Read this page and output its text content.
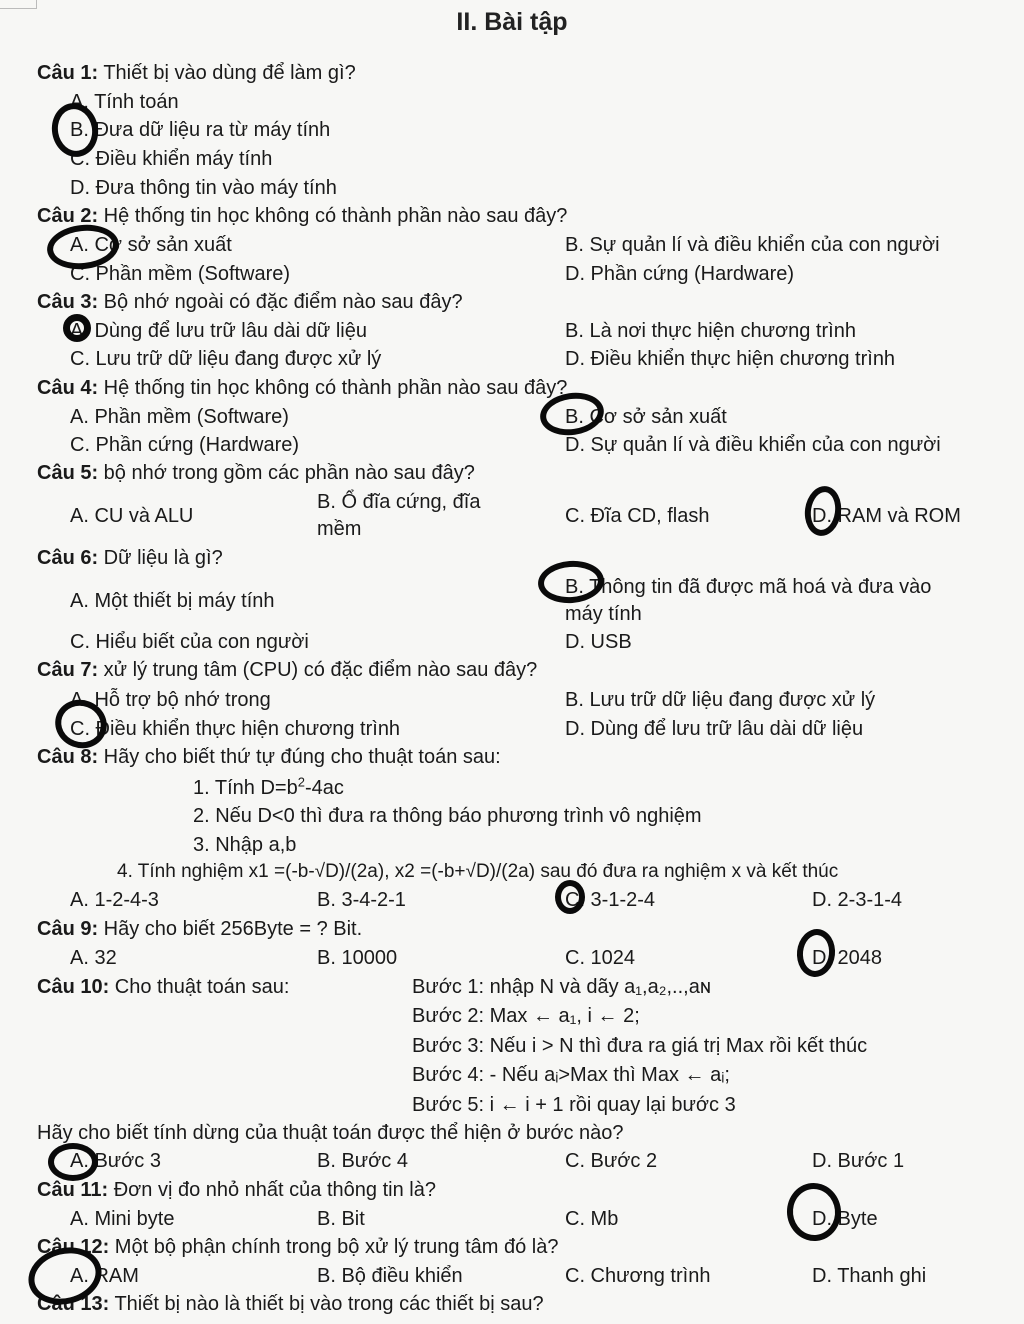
II. Bài tập
Câu 1: Thiết bị vào dùng để làm gì?
A. Tính toán
B. Đưa dữ liệu ra từ máy tính
C. Điều khiển máy tính
D. Đưa thông tin vào máy tính
Câu 2: Hệ thống tin học không có thành phần nào sau đây?
A. Cơ sở sản xuất	B. Sự quản lí và điều khiển của con người
C. Phần mềm (Software)	D. Phần cứng (Hardware)
Câu 3: Bộ nhớ ngoài có đặc điểm nào sau đây?
A. Dùng để lưu trữ lâu dài dữ liệu	B. Là nơi thực hiện chương trình
C. Lưu trữ dữ liệu đang được xử lý	D. Điều khiển thực hiện chương trình
Câu 4: Hệ thống tin học không có thành phần nào sau đây?
A. Phần mềm (Software)	B. Cơ sở sản xuất
C. Phần cứng (Hardware)	D. Sự quản lí và điều khiển của con người
Câu 5: bộ nhớ trong gồm các phần nào sau đây?
A. CU và ALU
B. Ổ đĩa cứng, đĩa
mềm
C. Đĩa CD, flash	D. RAM và ROM
Câu 6: Dữ liệu là gì?
A. Một thiết bị máy tính
B. Thông tin đã được mã hoá và đưa vào
máy tính
C. Hiểu biết của con người	D. USB
Câu 7: xử lý trung tâm (CPU) có đặc điểm nào sau đây?
A. Hỗ trợ bộ nhớ trong	B. Lưu trữ dữ liệu đang được xử lý
C. Điều khiển thực hiện chương trình	D. Dùng để lưu trữ lâu dài dữ liệu
Câu 8: Hãy cho biết thứ tự đúng cho thuật toán sau:
1. Tính $D=b^2-4ac$
2. Nếu D<0 thì đưa ra thông báo phương trình vô nghiệm
3. Nhập a,b
4. Tính nghiệm x1 =(-b-√D)/(2a), x2 =(-b+√D)/(2a) sau đó đưa ra nghiệm x và kết thúc
A. 1-2-4-3	B. 3-4-2-1	C. 3-1-2-4	D. 2-3-1-4
Câu 9: Hãy cho biết 256Byte = ? Bit.
A. 32	B. 10000	C. 1024	D. 2048
Câu 10: Cho thuật toán sau:	Bước 1: nhập N và dãy a₁,a₂,..,aɴ
Bước 2: Max ← a₁, i ← 2;
Bước 3: Nếu i > N thì đưa ra giá trị Max rồi kết thúc
Bước 4: - Nếu aᵢ>Max thì Max ← aᵢ;
Bước 5: i ← i + 1 rồi quay lại bước 3
Hãy cho biết tính dừng của thuật toán được thể hiện ở bước nào?
A. Bước 3	B. Bước 4	C. Bước 2	D. Bước 1
Câu 11: Đơn vị đo nhỏ nhất của thông tin là?
A. Mini byte	B. Bit	C. Mb	D. Byte
Câu 12: Một bộ phận chính trong bộ xử lý trung tâm đó là?
A. RAM	B. Bộ điều khiển	C. Chương trình	D. Thanh ghi
Câu 13: Thiết bị nào là thiết bị vào trong các thiết bị sau?
